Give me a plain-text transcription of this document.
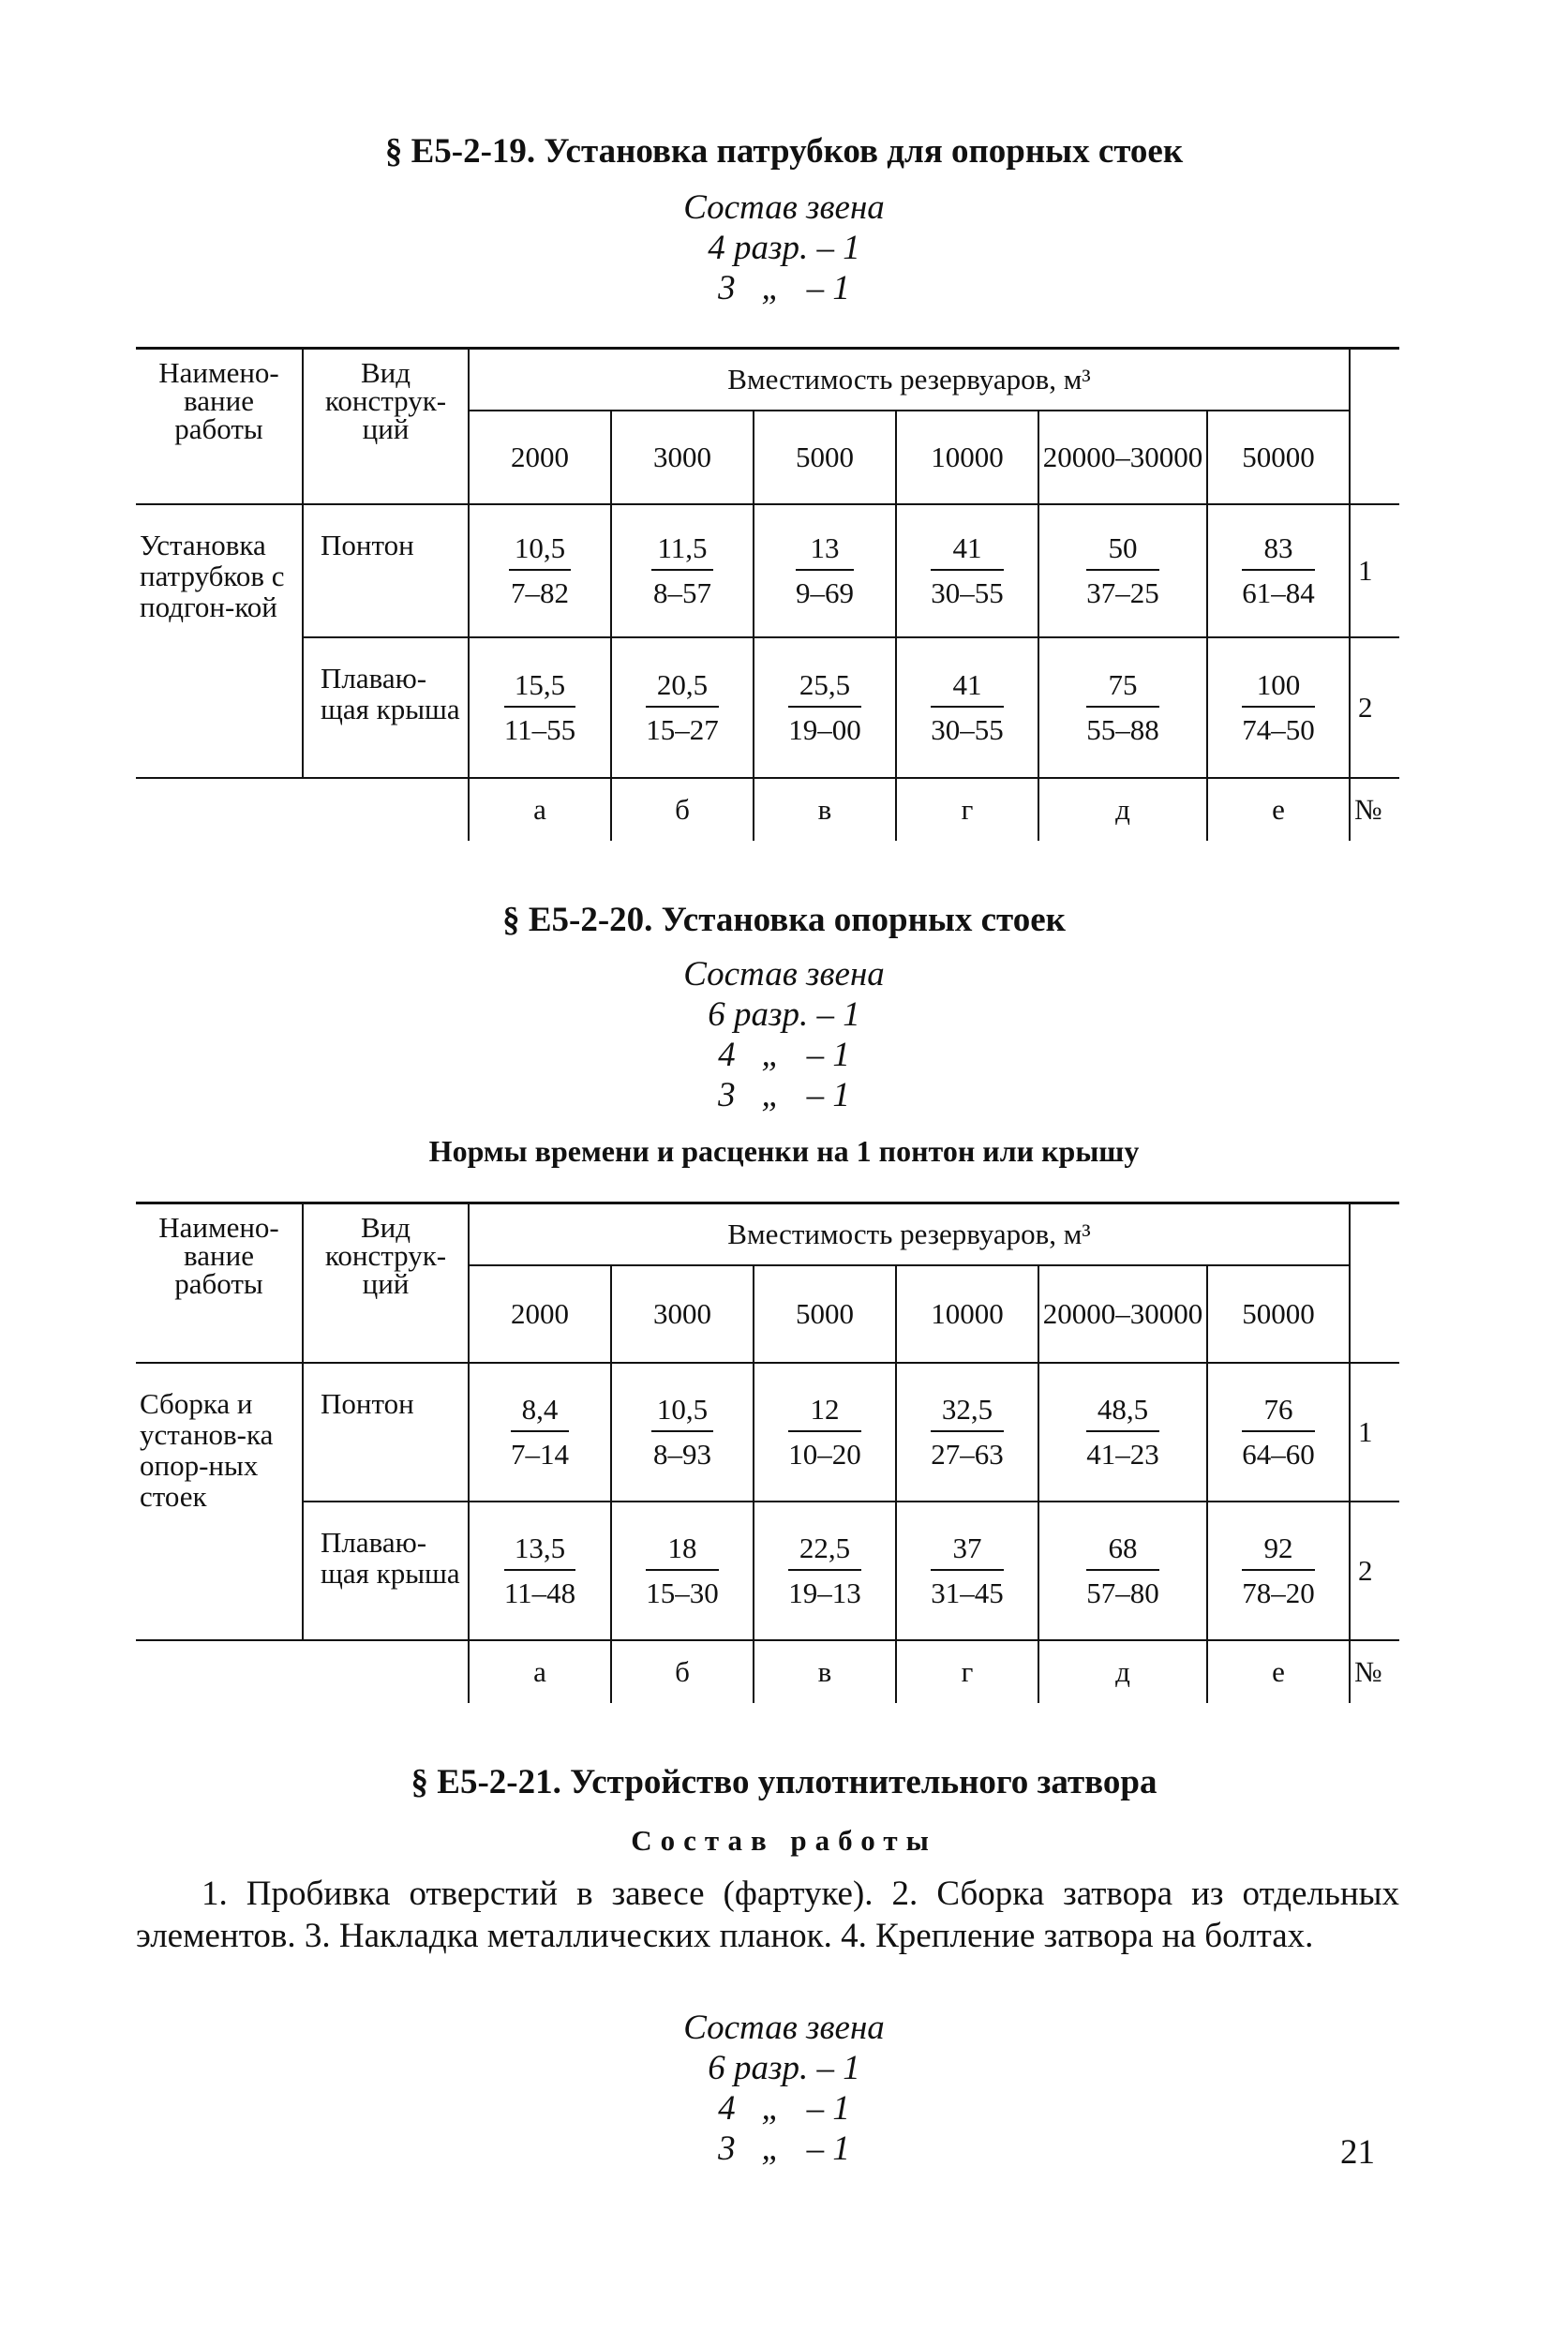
§ Е5-2-19. Установка патрубков для опорных стоек
Состав звена
4 разр. – 1
3   „   – 1
Наимено-вание работы	Вид конструк-ций	Вместимость резервуаров, м³						
		2000	3000	5000	10000	20000–30000	50000	
Установка патрубков с подгон-кой	Понтон	$\frac{10,5}{7-82}$	$\frac{11,5}{8-57}$	$\frac{13}{9-69}$	$\frac{41}{30-55}$	$\frac{50}{37-25}$	$\frac{83}{61-84}$	1
	Плаваю-щая крыша	$\frac{15,5}{11-55}$	$\frac{20,5}{15-27}$	$\frac{25,5}{19-00}$	$\frac{41}{30-55}$	$\frac{75}{55-88}$	$\frac{100}{74-50}$	2
		а	б	в	г	д	е	№
§ Е5-2-20. Установка опорных стоек
Состав звена
6 разр. – 1
4   „   – 1
3   „   – 1
Нормы времени и расценки на 1 понтон или крышу
Наимено-вание работы	Вид конструк-ций	Вместимость резервуаров, м³						
		2000	3000	5000	10000	20000–30000	50000	
Сборка и установ-ка опор-ных стоек	Понтон	$\frac{8,4}{7-14}$	$\frac{10,5}{8-93}$	$\frac{12}{10-20}$	$\frac{32,5}{27-63}$	$\frac{48,5}{41-23}$	$\frac{76}{64-60}$	1
	Плаваю-щая крыша	$\frac{13,5}{11-48}$	$\frac{18}{15-30}$	$\frac{22,5}{19-13}$	$\frac{37}{31-45}$	$\frac{68}{57-80}$	$\frac{92}{78-20}$	2
		а	б	в	г	д	е	№
§ Е5-2-21. Устройство уплотнительного затвора
Состав работы
1. Пробивка отверстий в завесе (фартуке). 2. Сборка затвора из отдельных элементов. 3. Накладка металлических планок. 4. Крепление затвора на болтах.
Состав звена
6 разр. – 1
4   „   – 1
3   „   – 1	21
